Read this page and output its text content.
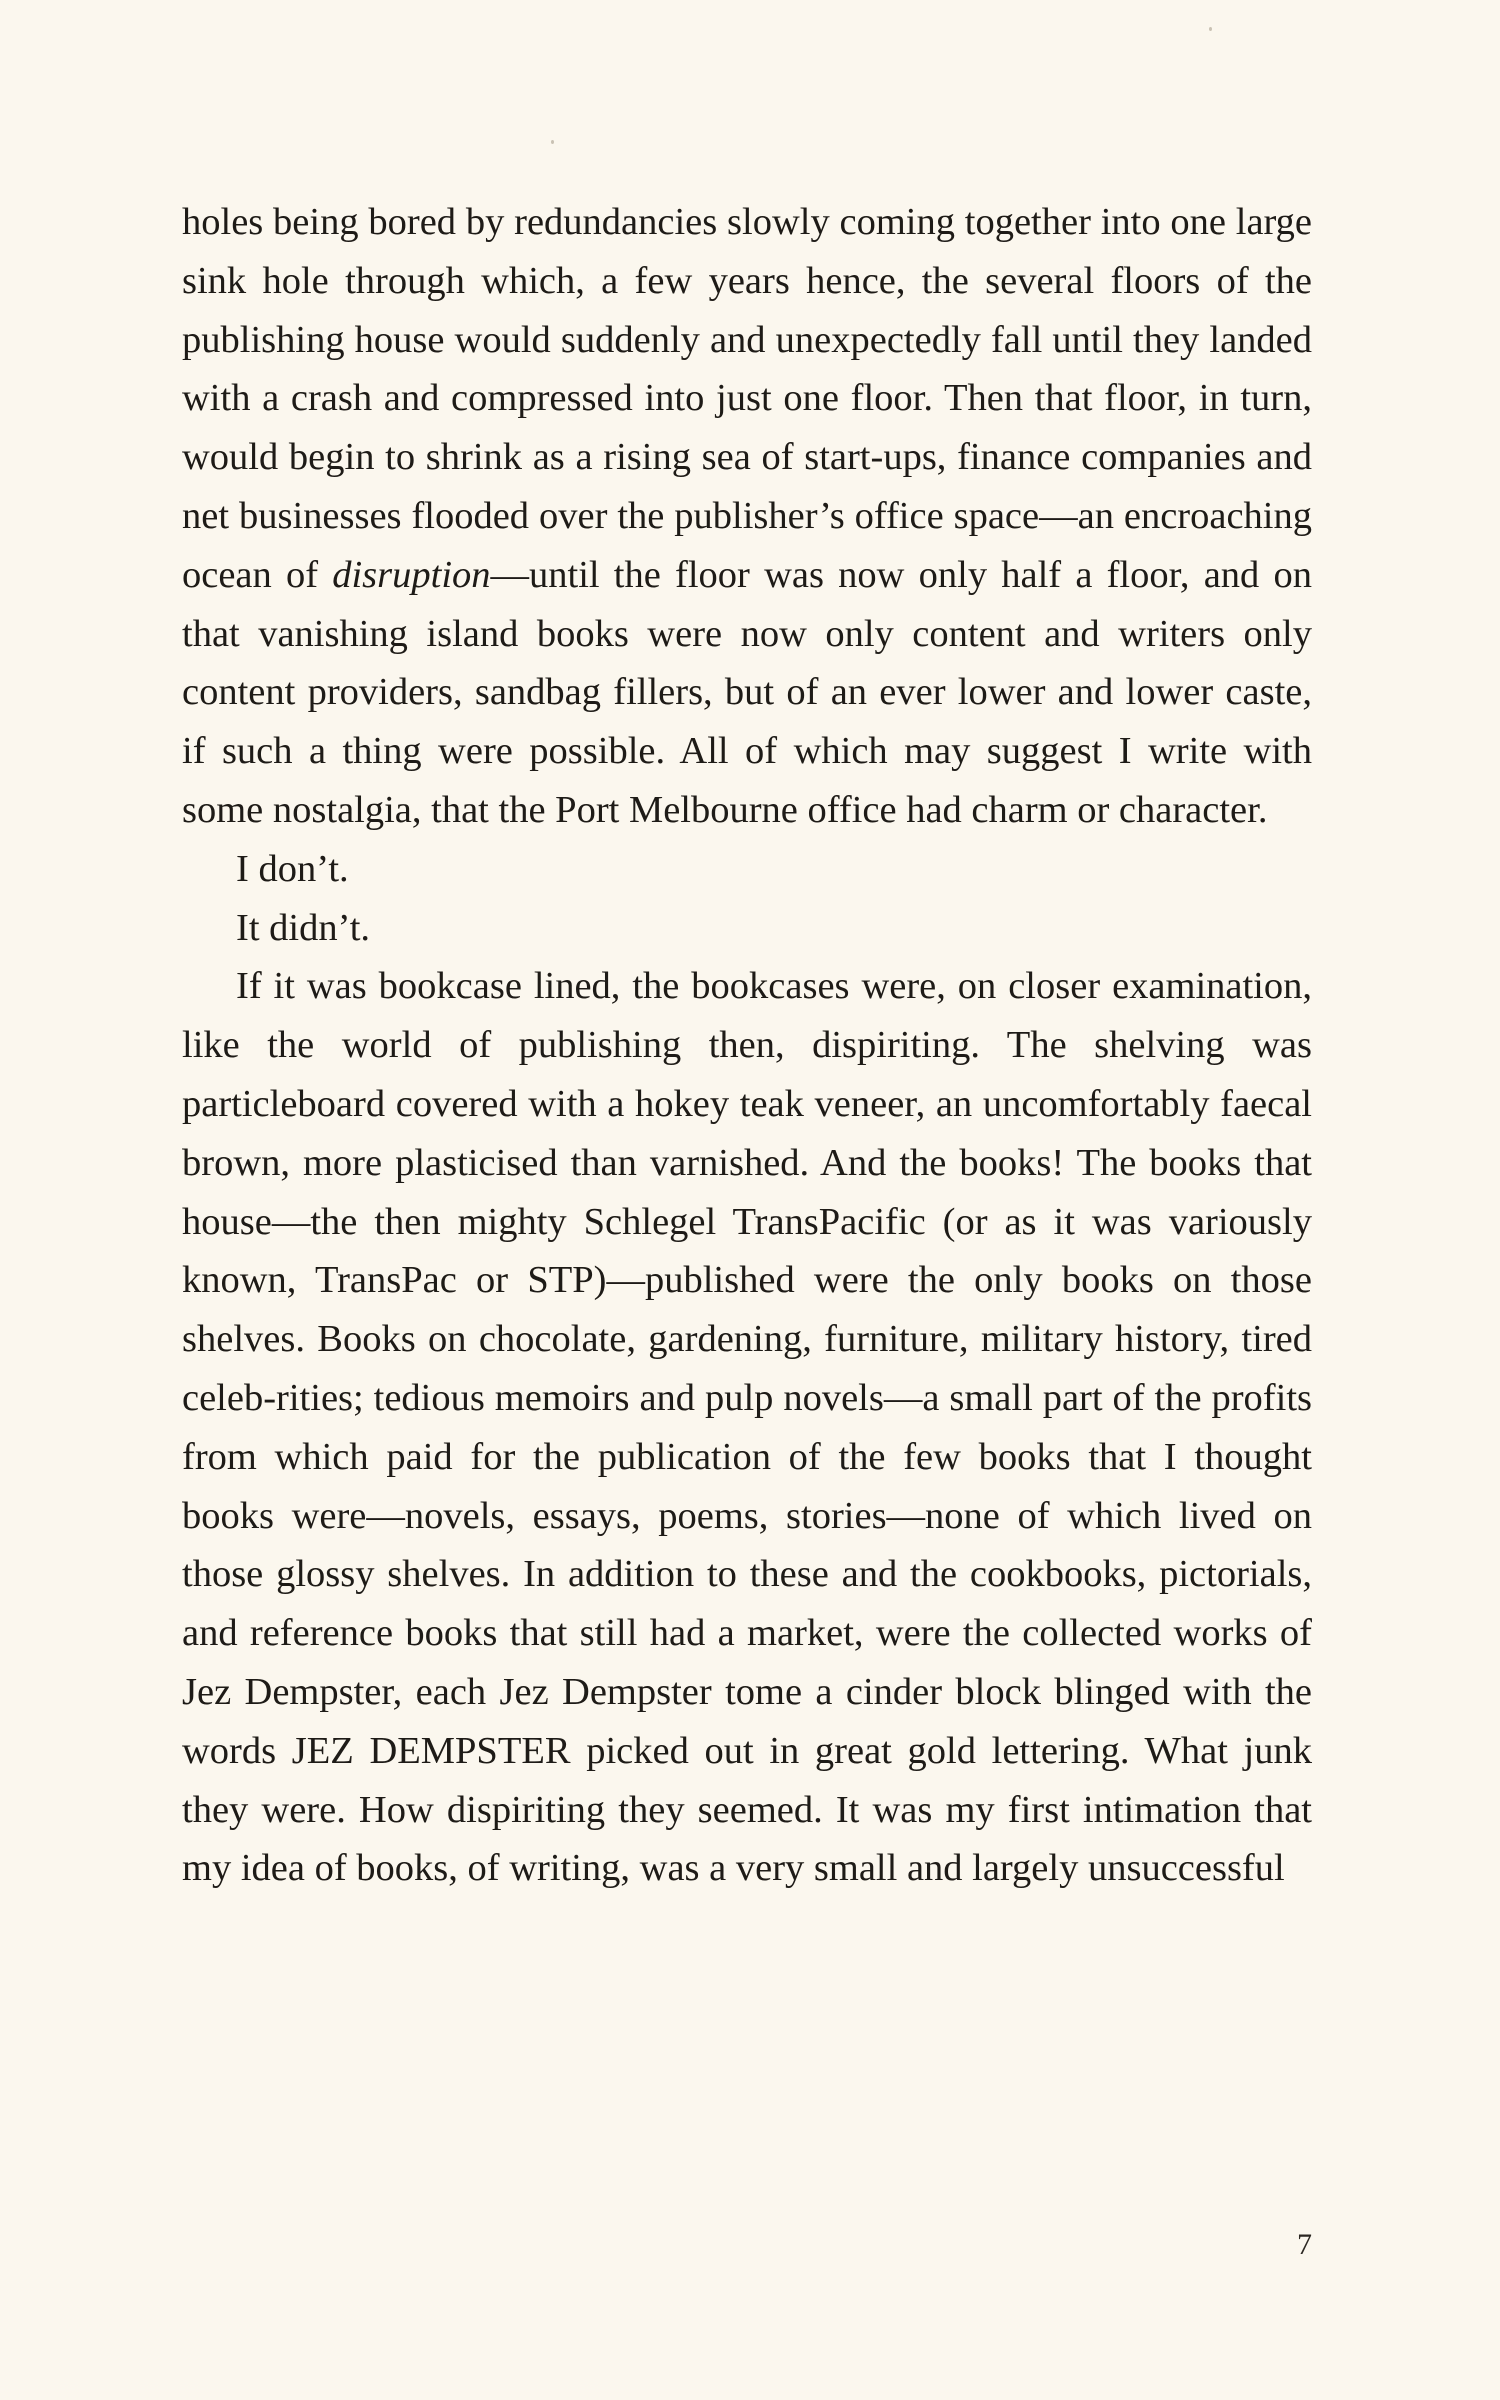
holes being bored by redundancies slowly coming together into one large sink hole through which, a few years hence, the several floors of the publishing house would suddenly and unexpectedly fall until they landed with a crash and compressed into just one floor. Then that floor, in turn, would begin to shrink as a rising sea of start-ups, finance companies and net businesses flooded over the publisher’s office space—an encroaching ocean of disruption—until the floor was now only half a floor, and on that vanishing island books were now only content and writers only content providers, sandbag fillers, but of an ever lower and lower caste, if such a thing were possible. All of which may suggest I write with some nostalgia, that the Port Melbourne office had charm or character.

I don’t.

It didn’t.

If it was bookcase lined, the bookcases were, on closer examination, like the world of publishing then, dispiriting. The shelving was particleboard covered with a hokey teak veneer, an uncomfortably faecal brown, more plasticised than varnished. And the books! The books that house—the then mighty Schlegel TransPacific (or as it was variously known, TransPac or STP)—published were the only books on those shelves. Books on chocolate, gardening, furniture, military history, tired celeb-rities; tedious memoirs and pulp novels—a small part of the profits from which paid for the publication of the few books that I thought books were—novels, essays, poems, stories—none of which lived on those glossy shelves. In addition to these and the cookbooks, pictorials, and reference books that still had a market, were the collected works of Jez Dempster, each Jez Dempster tome a cinder block blinged with the words JEZ DEMPSTER picked out in great gold lettering. What junk they were. How dispiriting they seemed. It was my first intimation that my idea of books, of writing, was a very small and largely unsuccessful

7
